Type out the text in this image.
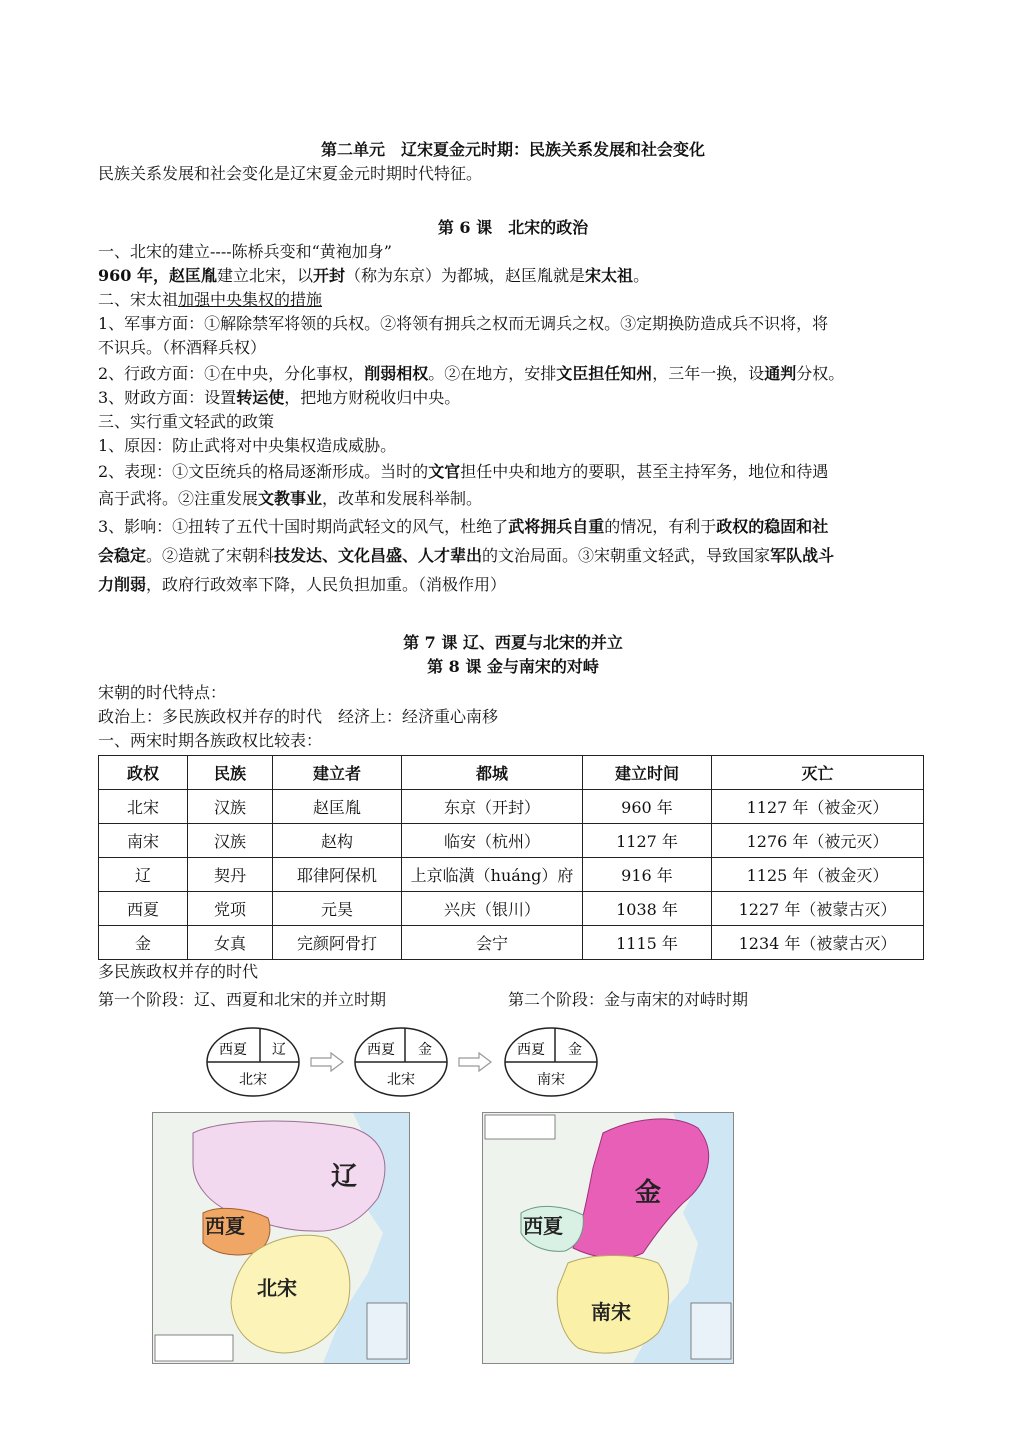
第二单元　辽宋夏金元时期：民族关系发展和社会变化
民族关系发展和社会变化是辽宋夏金元时期时代特征。
第 6 课　北宋的政治
一、北宋的建立----陈桥兵变和“黄袍加身”
960 年，赵匡胤建立北宋，以开封（称为东京）为都城，赵匡胤就是宋太祖。
二、宋太祖加强中央集权的措施
1、军事方面：①解除禁军将领的兵权。②将领有拥兵之权而无调兵之权。③定期换防造成兵不识将，将
不识兵。（杯酒释兵权）
2、行政方面：①在中央，分化事权，削弱相权。②在地方，安排文臣担任知州，三年一换，设通判分权。
3、财政方面：设置转运使，把地方财税收归中央。
三、实行重文轻武的政策
1、原因：防止武将对中央集权造成威胁。
2、表现：①文臣统兵的格局逐渐形成。当时的文官担任中央和地方的要职，甚至主持军务，地位和待遇
高于武将。②注重发展文教事业，改革和发展科举制。
3、影响：①扭转了五代十国时期尚武轻文的风气，杜绝了武将拥兵自重的情况，有利于政权的稳固和社
会稳定。②造就了宋朝科技发达、文化昌盛、人才辈出的文治局面。③宋朝重文轻武，导致国家军队战斗
力削弱，政府行政效率下降，人民负担加重。（消极作用）
第 7 课 辽、西夏与北宋的并立
第 8 课 金与南宋的对峙
宋朝的时代特点：
政治上：多民族政权并存的时代　经济上：经济重心南移
一、两宋时期各族政权比较表：
政权	民族	建立者	都城	建立时间	灭亡
北宋	汉族	赵匡胤	东京（开封）	960 年	1127 年（被金灭）
南宋	汉族	赵构	临安（杭州）	1127 年	1276 年（被元灭）
辽	契丹	耶律阿保机	上京临潢（huáng）府	916 年	1125 年（被金灭）
西夏	党项	元昊	兴庆（银川）	1038 年	1227 年（被蒙古灭）
金	女真	完颜阿骨打	会宁	1115 年	1234 年（被蒙古灭）
多民族政权并存的时代
第一个阶段：辽、西夏和北宋的并立时期	第二个阶段：金与南宋的对峙时期
西夏 辽
北宋
西夏 金
北宋
西夏 金
南宋
辽
西夏
北宋
金
西夏
南宋
